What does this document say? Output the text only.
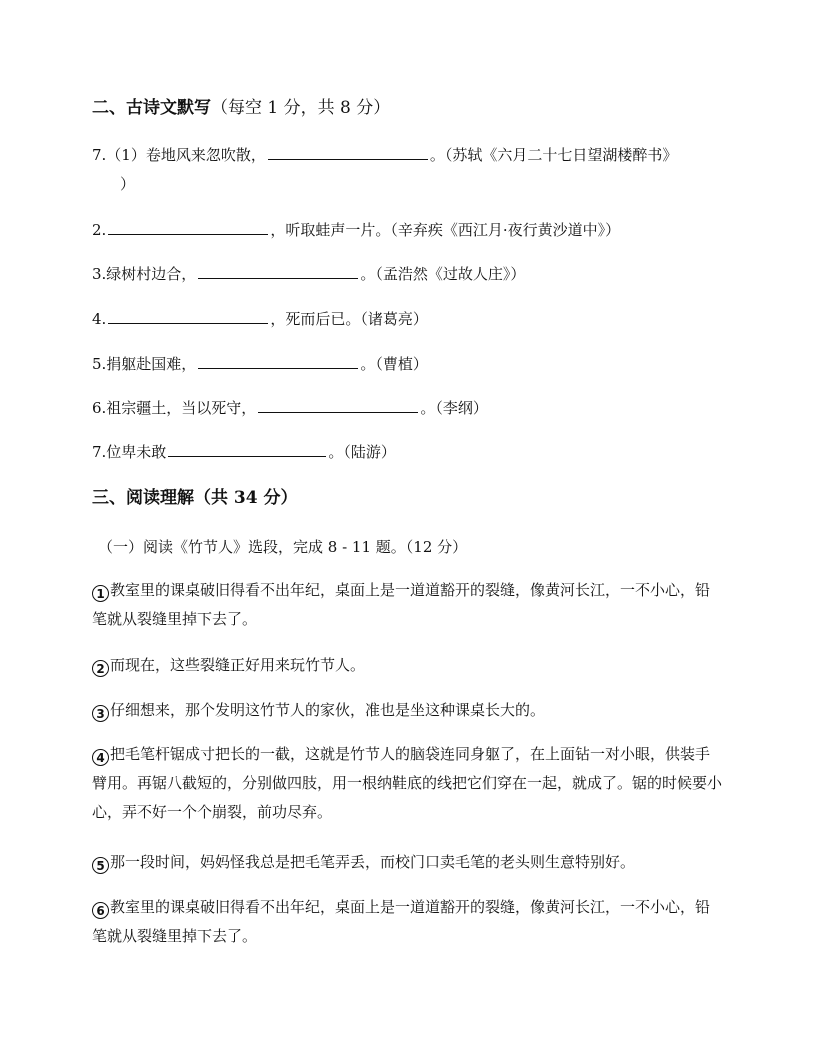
二、古诗文默写（每空 1 分，共 8 分）
7.（1）卷地风来忽吹散，	。（苏轼《六月二十七日望湖楼醉书》
）
2.	，听取蛙声一片。（辛弃疾《西江月·夜行黄沙道中》）
3.绿树村边合，	。（孟浩然《过故人庄》）
4.	，死而后已。（诸葛亮）
5.捐躯赴国难，	。（曹植）
6.祖宗疆土，当以死守，	。（李纲）
7.位卑未敢	。（陆游）
三、阅读理解（共 34 分）
（一）阅读《竹节人》选段，完成 8 - 11 题。（12 分）
1 教室里的课桌破旧得看不出年纪，桌面上是一道道豁开的裂缝，像黄河长江，一不小心，铅笔就从裂缝里掉下去了。
2 而现在，这些裂缝正好用来玩竹节人。
3 仔细想来，那个发明这竹节人的家伙，准也是坐这种课桌长大的。
4 把毛笔杆锯成寸把长的一截，这就是竹节人的脑袋连同身躯了，在上面钻一对小眼，供装手臂用。再锯八截短的，分别做四肢，用一根纳鞋底的线把它们穿在一起，就成了。锯的时候要小心，弄不好一个个崩裂，前功尽弃。
5 那一段时间，妈妈怪我总是把毛笔弄丢，而校门口卖毛笔的老头则生意特别好。
6 教室里的课桌破旧得看不出年纪，桌面上是一道道豁开的裂缝，像黄河长江，一不小心，铅笔就从裂缝里掉下去了。
